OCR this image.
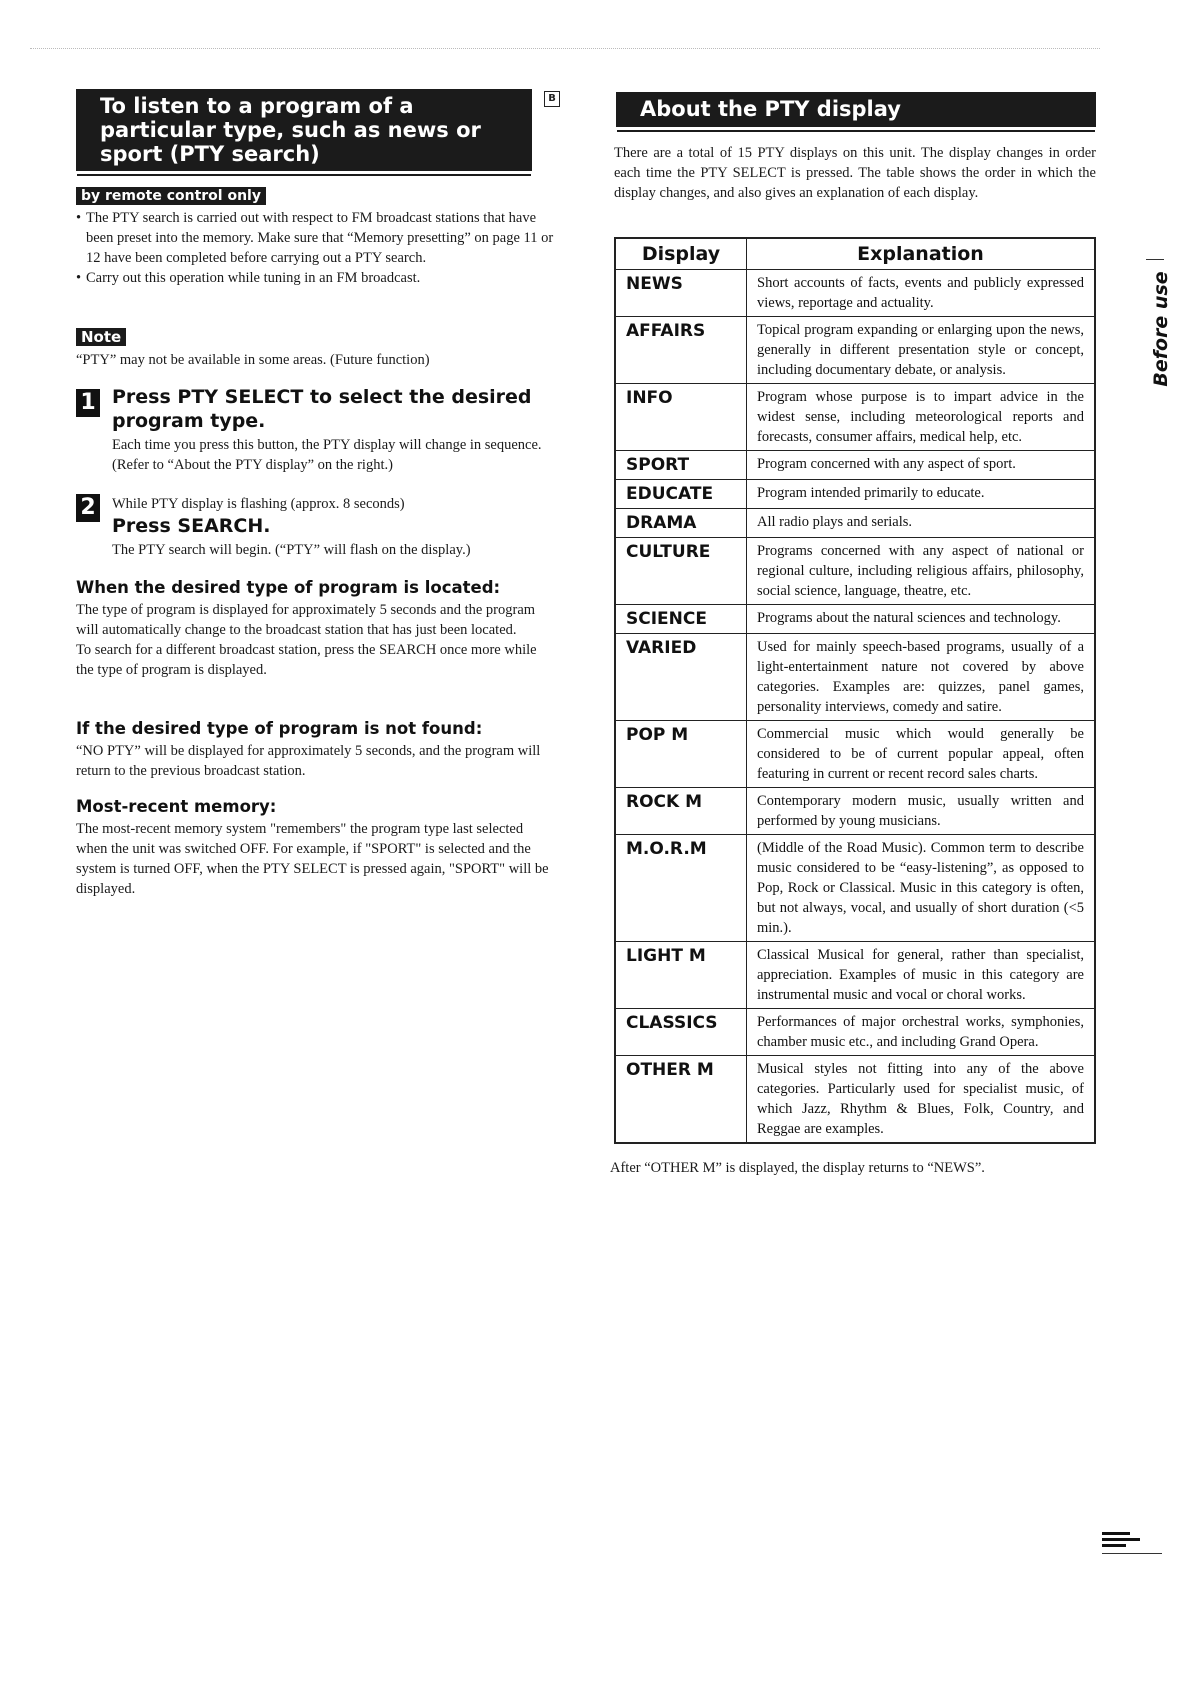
To listen to a program of a particular type, such as news or sport (PTY search)
B
by remote control only
• The PTY search is carried out with respect to FM broadcast stations that have been preset into the memory. Make sure that “Memory presetting” on page 11 or 12 have been completed before carrying out a PTY search.
• Carry out this operation while tuning in an FM broadcast.
Note
“PTY” may not be available in some areas. (Future function)
1 Press PTY SELECT to select the desired program type.
Each time you press this button, the PTY display will change in sequence. (Refer to “About the PTY display” on the right.)
2 While PTY display is flashing (approx. 8 seconds)
Press SEARCH.
The PTY search will begin. (“PTY” will flash on the display.)
When the desired type of program is located:
The type of program is displayed for approximately 5 seconds and the program will automatically change to the broadcast station that has just been located.
To search for a different broadcast station, press the SEARCH once more while the type of program is displayed.
If the desired type of program is not found:
“NO PTY” will be displayed for approximately 5 seconds, and the program will return to the previous broadcast station.
Most-recent memory:
The most-recent memory system "remembers" the program type last selected when the unit was switched OFF. For example, if "SPORT" is selected and the system is turned OFF, when the PTY SELECT is pressed again, "SPORT" will be displayed.
About the PTY display
There are a total of 15 PTY displays on this unit. The display changes in order each time the PTY SELECT is pressed. The table shows the order in which the display changes, and also gives an explanation of each display.
Display	Explanation
NEWS	Short accounts of facts, events and publicly expressed views, reportage and actuality.
AFFAIRS	Topical program expanding or enlarging upon the news, generally in different presentation style or concept, including documentary debate, or analysis.
INFO	Program whose purpose is to impart advice in the widest sense, including meteorological reports and forecasts, consumer affairs, medical help, etc.
SPORT	Program concerned with any aspect of sport.
EDUCATE	Program intended primarily to educate.
DRAMA	All radio plays and serials.
CULTURE	Programs concerned with any aspect of national or regional culture, including religious affairs, philosophy, social science, language, theatre, etc.
SCIENCE	Programs about the natural sciences and technology.
VARIED	Used for mainly speech-based programs, usually of a light-entertainment nature not covered by above categories. Examples are: quizzes, panel games, personality interviews, comedy and satire.
POP M	Commercial music which would generally be considered to be of current popular appeal, often featuring in current or recent record sales charts.
ROCK M	Contemporary modern music, usually written and performed by young musicians.
M.O.R.M	(Middle of the Road Music). Common term to describe music considered to be “easy-listening”, as opposed to Pop, Rock or Classical. Music in this category is often, but not always, vocal, and usually of short duration (<5 min.).
LIGHT M	Classical Musical for general, rather than specialist, appreciation. Examples of music in this category are instrumental music and vocal or choral works.
CLASSICS	Performances of major orchestral works, symphonies, chamber music etc., and including Grand Opera.
OTHER M	Musical styles not fitting into any of the above categories. Particularly used for specialist music, of which Jazz, Rhythm & Blues, Folk, Country, and Reggae are examples.
After “OTHER M” is displayed, the display returns to “NEWS”.
Before use
